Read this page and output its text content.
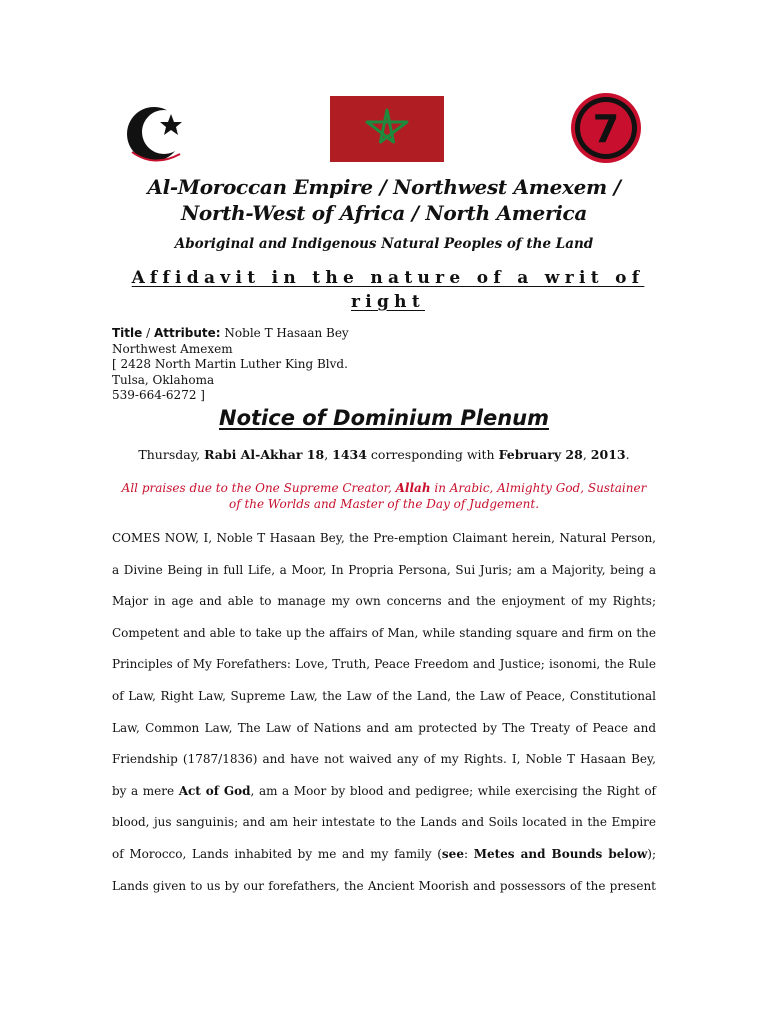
7
Al-Moroccan Empire / Northwest Amexem /
North-West of Africa / North America
Aboriginal and Indigenous Natural Peoples of the Land
Affidavit in the nature of a writ of right
Title / Attribute: Noble T Hasaan Bey
Northwest Amexem
[ 2428 North Martin Luther King Blvd.
Tulsa, Oklahoma
539-664-6272 ]
Notice of Dominium Plenum
Thursday, Rabi Al-Akhar 18, 1434 corresponding with February 28, 2013.
All praises due to the One Supreme Creator, Allah in Arabic, Almighty God, Sustainer
of the Worlds and Master of the Day of Judgement.
COMES NOW, I, Noble T Hasaan Bey, the Pre-emption Claimant herein, Natural Person,
a Divine Being in full Life, a Moor, In Propria Persona, Sui Juris; am a Majority, being a
Major in age and able to manage my own concerns and the enjoyment of my Rights;
Competent and able to take up the affairs of Man, while standing square and firm on the
Principles of My Forefathers: Love, Truth, Peace Freedom and Justice; isonomi, the Rule
of Law, Right Law, Supreme Law, the Law of the Land, the Law of Peace, Constitutional
Law, Common Law, The Law of Nations and am protected by The Treaty of Peace and
Friendship (1787/1836) and have not waived any of my Rights. I, Noble T Hasaan Bey,
by a mere Act of God, am a Moor by blood and pedigree; while exercising the Right of
blood, jus sanguinis; and am heir intestate to the Lands and Soils located in the Empire
of Morocco, Lands inhabited by me and my family (see: Metes and Bounds below);
Lands given to us by our forefathers, the Ancient Moorish and possessors of the present
